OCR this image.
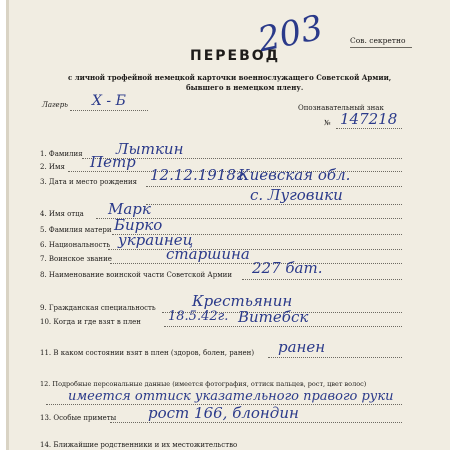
Сов. секретно
203
ПЕРЕВОД
с личной трофейной немецкой карточки военнослужащего Советской Армии,
бывшего в немецком плену.
Лагерь X - Б	Опознавательный знак
№ 147218
1. Фамилия Лыткин
2. Имя Петр
3. Дата и место рождения 12.12.1918г.
Киевская обл.
с. Луговики
4. Имя отца Марк
5. Фамилия матери Бирко
6. Национальность украинец
7. Воинское звание	старшина
8. Наименование воинской части Советской Армии 227 бат.
9. Гражданская специальность Крестьянин
10. Когда и где взят в плен 18.5.42г. Витебск
11. В каком состоянии взят в плен (здоров, болен, ранен) ранен
12. Подробные персональные данные (имеется фотография, оттиск пальцев, рост, цвет волос)
имеется оттиск указательного правого руки
13. Особые приметы рост 166, блондин
14. Ближайшие родственники и их местожительство
